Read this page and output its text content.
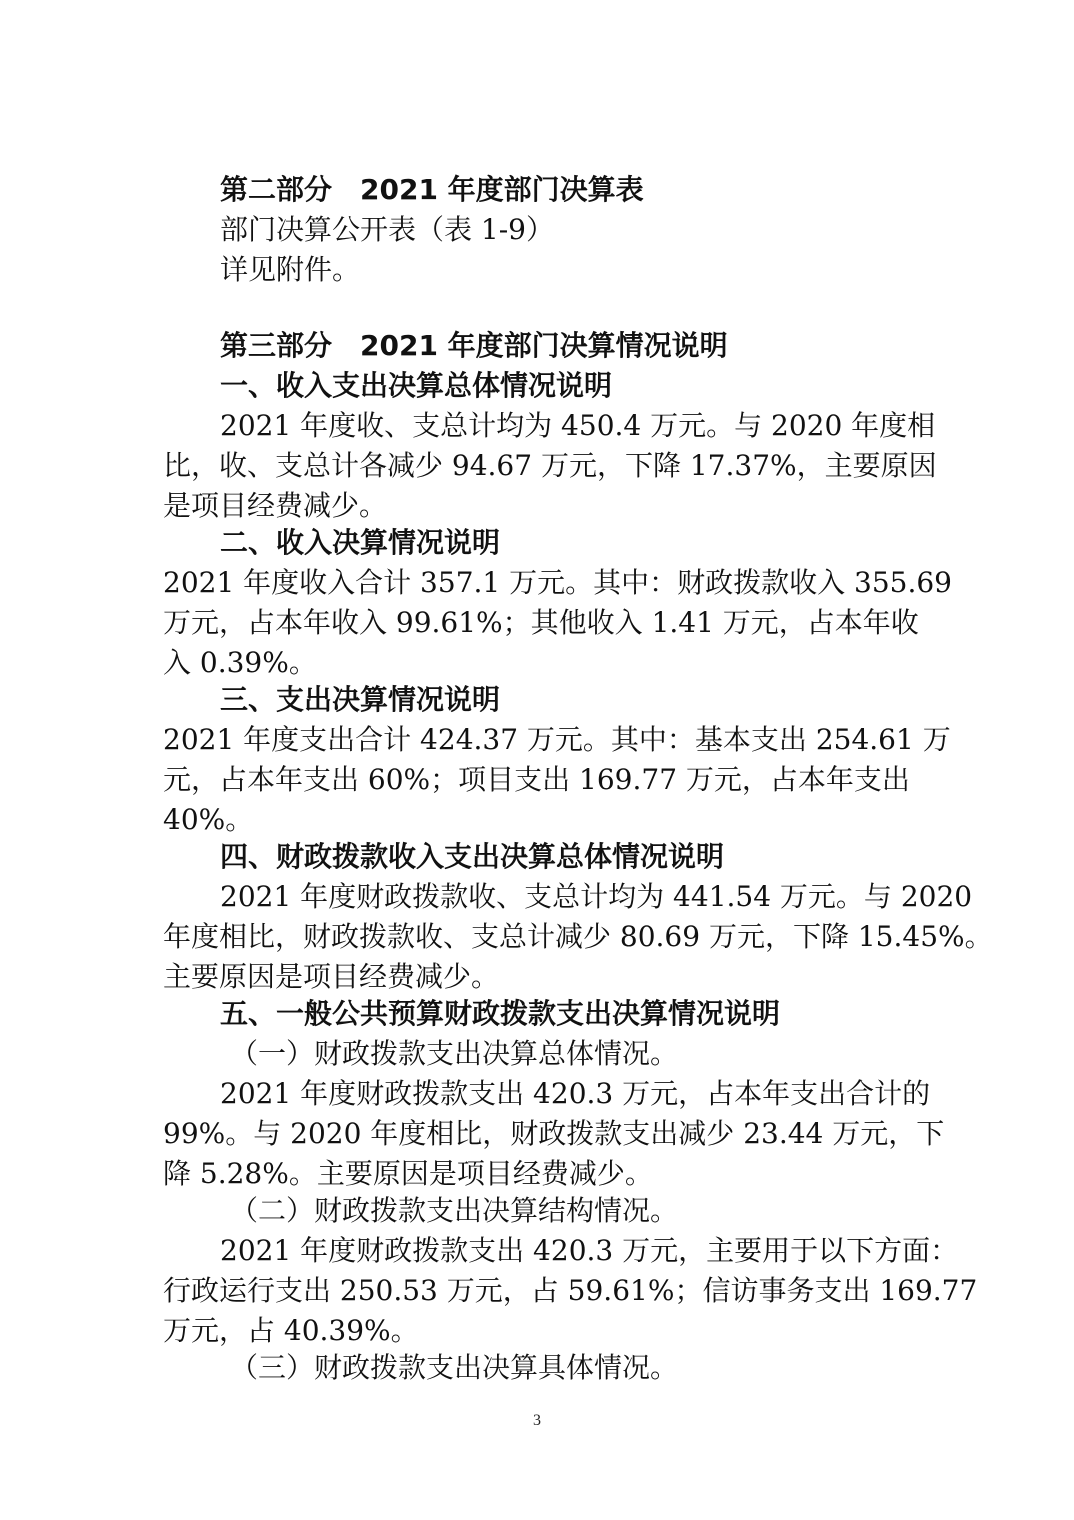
第二部分　2021 年度部门决算表
部门决算公开表（表 1-9）
详见附件。
第三部分　2021 年度部门决算情况说明
一、收入支出决算总体情况说明
2021 年度收、支总计均为 450.4 万元。与 2020 年度相
比，收、支总计各减少 94.67 万元，下降 17.37%，主要原因
是项目经费减少。
二、收入决算情况说明
2021 年度收入合计 357.1 万元。其中：财政拨款收入 355.69
万元，占本年收入 99.61%；其他收入 1.41 万元，占本年收
入 0.39%。
三、支出决算情况说明
2021 年度支出合计 424.37 万元。其中：基本支出 254.61 万
元，占本年支出 60%；项目支出 169.77 万元，占本年支出
40%。
四、财政拨款收入支出决算总体情况说明
2021 年度财政拨款收、支总计均为 441.54 万元。与 2020
年度相比，财政拨款收、支总计减少 80.69 万元，下降 15.45%。
主要原因是项目经费减少。
五、一般公共预算财政拨款支出决算情况说明
（一）财政拨款支出决算总体情况。
2021 年度财政拨款支出 420.3 万元，占本年支出合计的
99%。与 2020 年度相比，财政拨款支出减少 23.44 万元，下
降 5.28%。主要原因是项目经费减少。
（二）财政拨款支出决算结构情况。
2021 年度财政拨款支出 420.3 万元，主要用于以下方面：
行政运行支出 250.53 万元，占 59.61%；信访事务支出 169.77
万元，占 40.39%。
（三）财政拨款支出决算具体情况。
3
